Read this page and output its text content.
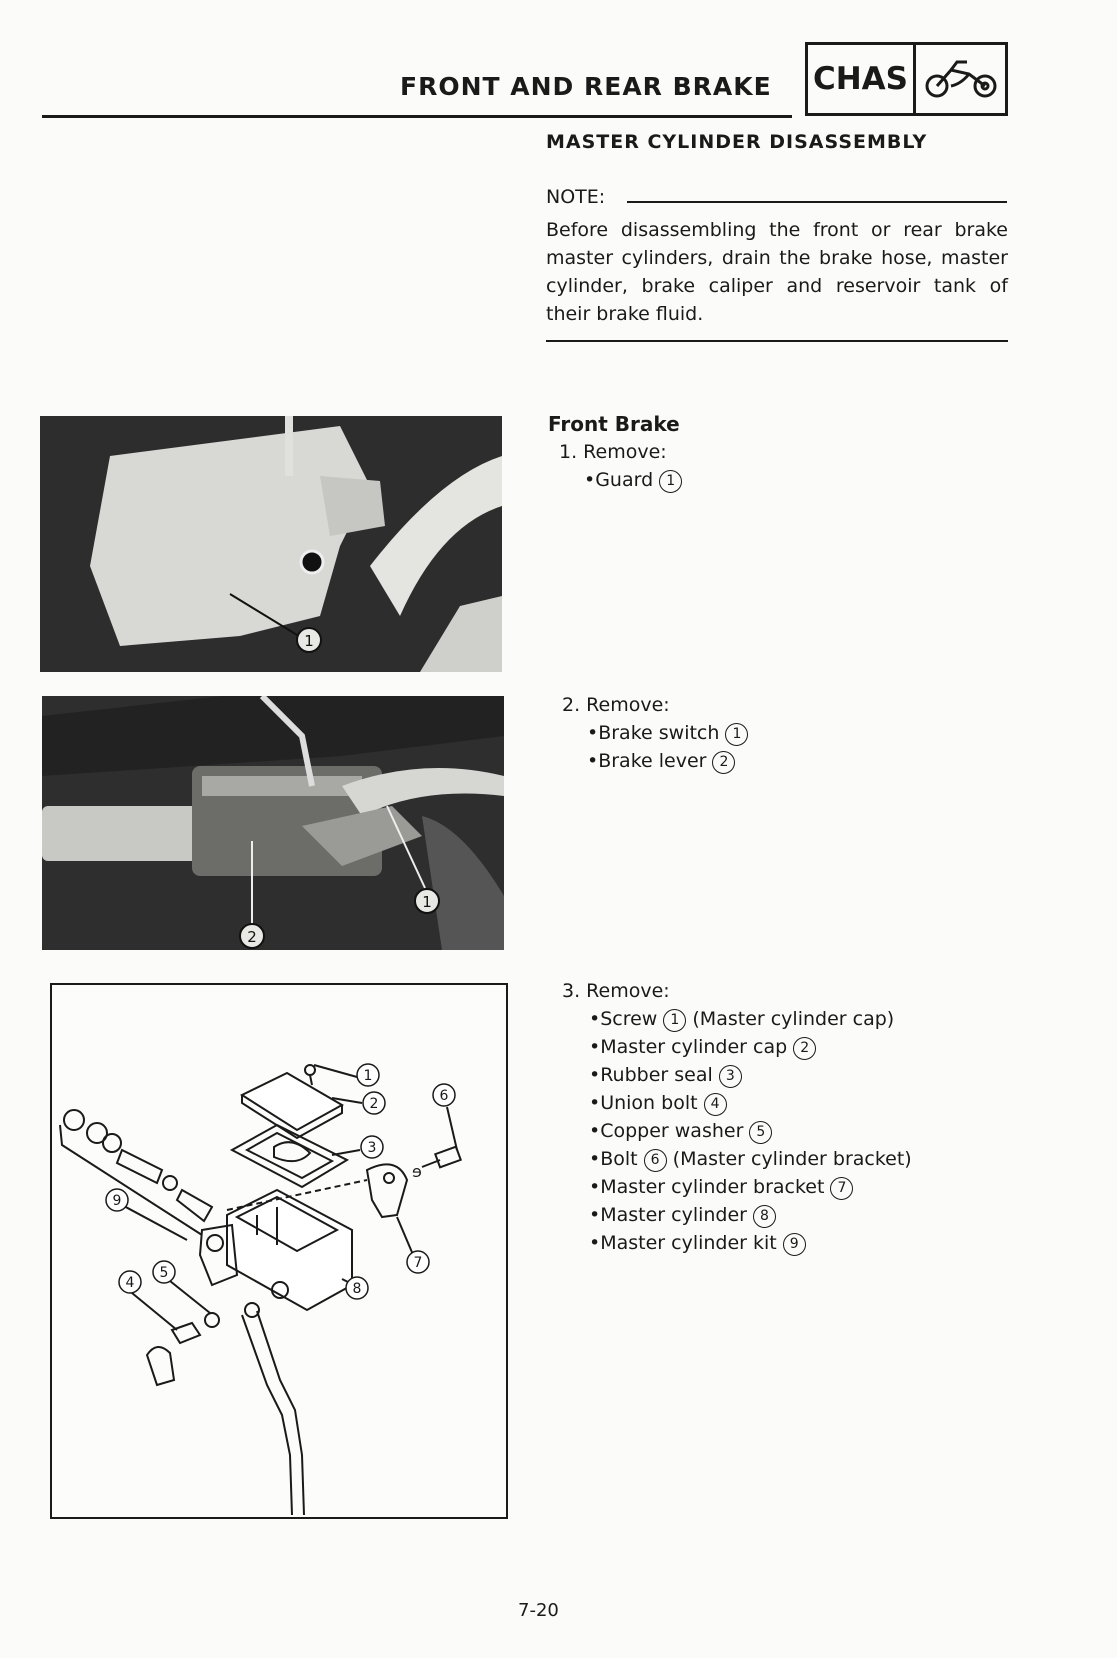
FRONT AND REAR BRAKE CHAS
MASTER CYLINDER DISASSEMBLY
NOTE:
Before disassembling the front or rear brake master cylinders, drain the brake hose, master cylinder, brake caliper and reservoir tank of their brake fluid.
Front Brake
1. Remove:
•Guard 1
2. Remove:
•Brake switch 1
•Brake lever 2
3. Remove:
•Screw 1 (Master cylinder cap)
•Master cylinder cap 2
•Rubber seal 3
•Union bolt 4
•Copper washer 5
•Bolt 6 (Master cylinder bracket)
•Master cylinder bracket 7
•Master cylinder 8
•Master cylinder kit 9
1
1
2
ɘ
1
2
3
4
5
6
7
8
9
7-20
